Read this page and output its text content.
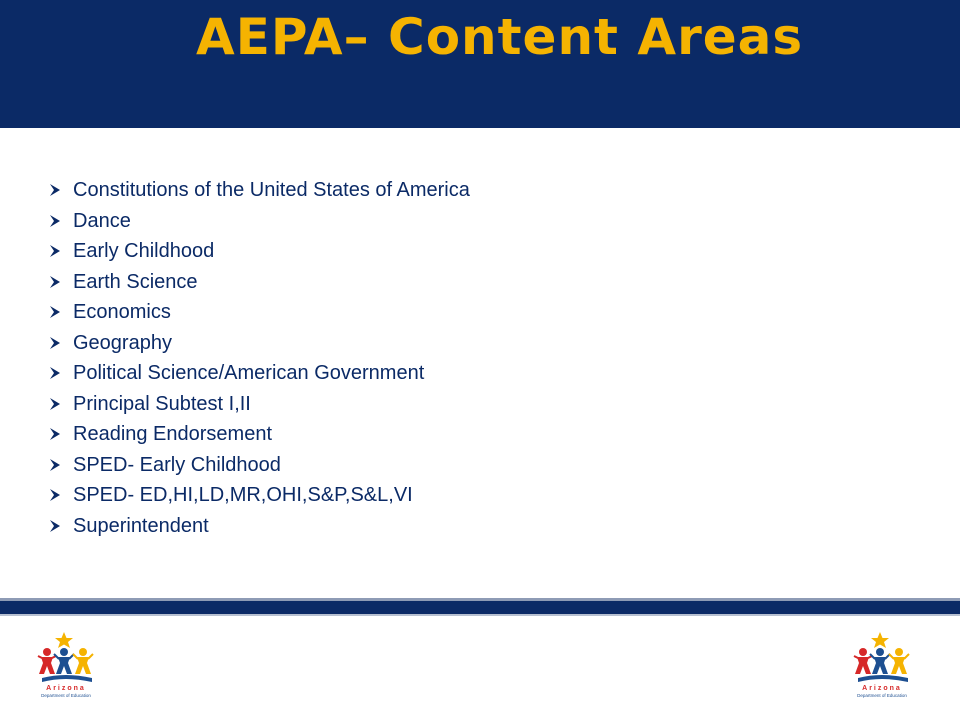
AEPA– Content Areas
Constitutions of the United States of America
Dance
Early Childhood
Earth Science
Economics
Geography
Political Science/American Government
Principal Subtest I,II
Reading Endorsement
SPED- Early Childhood
SPED- ED,HI,LD,MR,OHI,S&P,S&L,VI
Superintendent
Arizona
Department of Education
Arizona
Department of Education
